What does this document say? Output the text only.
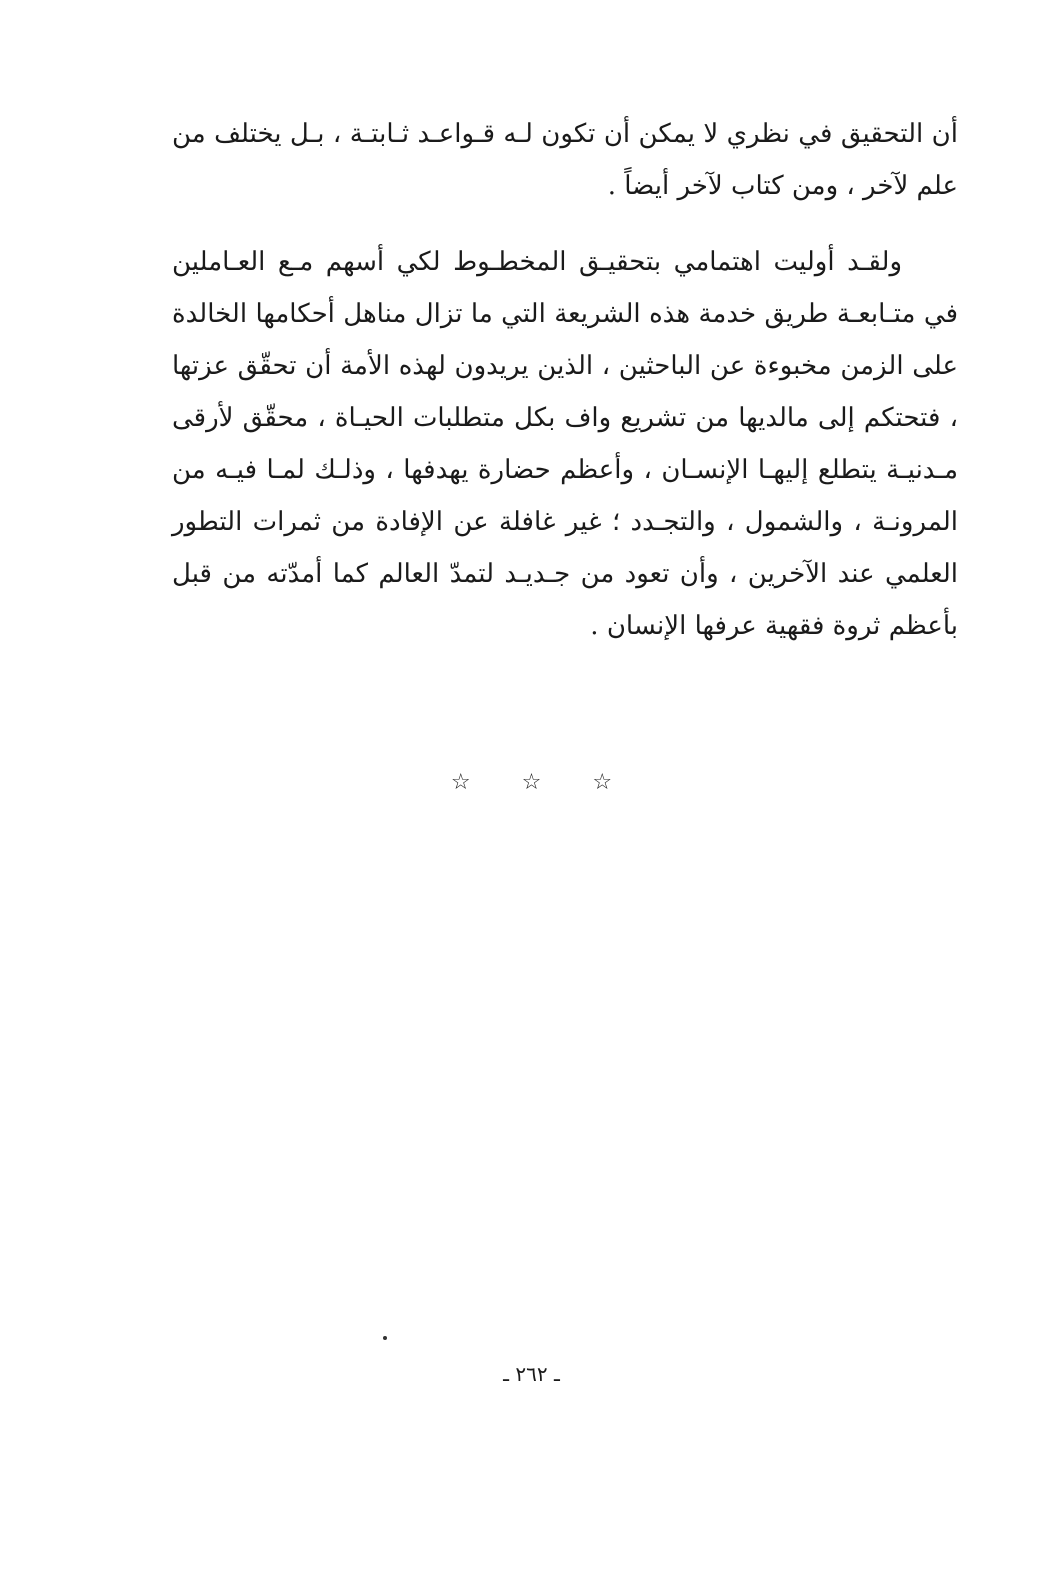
أن التحقيق في نظري لا يمكن أن تكون لـه قـواعـد ثـابتـة ، بـل يختلف من علم لآخر ، ومن كتاب لآخر أيضاً .

ولقـد أوليت اهتمامي بتحقيـق المخطـوط لكي أسهم مـع العـاملين في متـابعـة طريق خدمة هذه الشريعة التي ما تزال مناهل أحكامها الخالدة على الزمن مخبوءة عن الباحثين ، الذين يريدون لهذه الأمة أن تحقّق عزتها ، فتحتكم إلى مالديها من تشريع واف بكل متطلبات الحيـاة ، محقّق لأرقى مـدنيـة يتطلع إليهـا الإنسـان ، وأعظم حضارة يهدفها ، وذلـك لمـا فيـه من المرونـة ، والشمول ، والتجـدد ؛ غير غافلة عن الإفادة من ثمرات التطور العلمي عند الآخرين ، وأن تعود من جـديـد لتمدّ العالم كما أمدّته من قبل بأعظم ثروة فقهية عرفها الإنسان .

☆ ☆ ☆
ـ ٢٦٢ ـ
